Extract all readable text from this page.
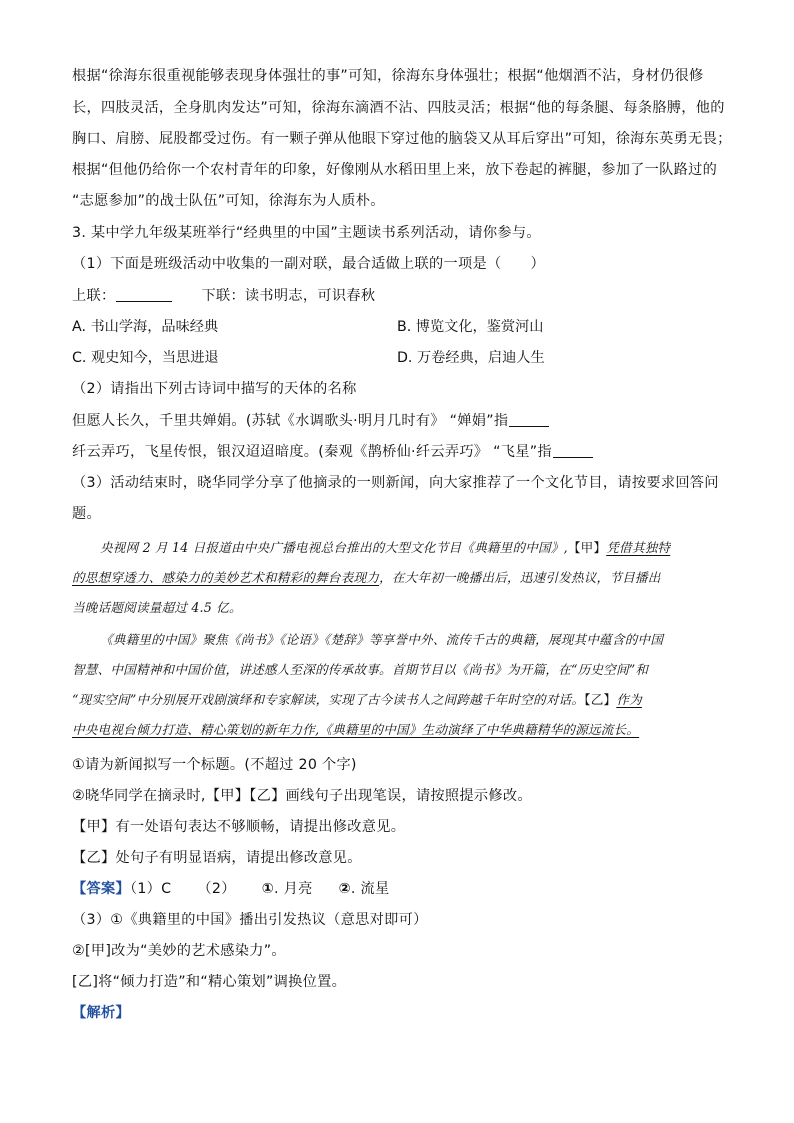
根据“徐海东很重视能够表现身体强壮的事”可知，徐海东身体强壮；根据“他烟酒不沾，身材仍很修
长，四肢灵活，全身肌肉发达”可知，徐海东滴酒不沾、四肢灵活；根据“他的每条腿、每条胳膊，他的
胸口、肩膀、屁股都受过伤。有一颗子弹从他眼下穿过他的脑袋又从耳后穿出”可知，徐海东英勇无畏；
根据“但他仍给你一个农村青年的印象，好像刚从水稻田里上来，放下卷起的裤腿，参加了一队路过的
“志愿参加”的战士队伍”可知，徐海东为人质朴。
3. 某中学九年级某班举行“经典里的中国”主题读书系列活动，请你参与。
（1）下面是班级活动中收集的一副对联，最合适做上联的一项是（　　）
上联：	下联：读书明志，可识春秋
A. 书山学海，品味经典	B. 博览文化，鉴赏河山
C. 观史知今，当思进退	D. 万卷经典，启迪人生
（2）请指出下列古诗词中描写的天体的名称
但愿人长久，千里共婵娟。(苏轼《水调歌头·明月几时有》 “婵娟”指
纤云弄巧，飞星传恨，银汉迢迢暗度。(秦观《鹊桥仙·纤云弄巧》 “飞星”指
（3）活动结束时，晓华同学分享了他摘录的一则新闻，向大家推荐了一个文化节目，请按要求回答问
题。
央视网 2 月 14 日报道由中央广播电视总台推出的大型文化节目《典籍里的中国》,【甲】凭借其独特
的思想穿透力、感染力的美妙艺术和精彩的舞台表现力，在大年初一晚播出后，迅速引发热议，节目播出
当晚话题阅读量超过 4.5 亿。
《典籍里的中国》聚焦《尚书》《论语》《楚辞》等享誉中外、流传千古的典籍，展现其中蕴含的中国
智慧、中国精神和中国价值，讲述感人至深的传承故事。首期节目以《尚书》为开篇，在“历史空间”和
“现实空间”中分别展开戏剧演绎和专家解读，实现了古今读书人之间跨越千年时空的对话。【乙】作为
中央电视台倾力打造、精心策划的新年力作,《典籍里的中国》生动演绎了中华典籍精华的源远流长。
①请为新闻拟写一个标题。(不超过 20 个字)
②晓华同学在摘录时,【甲】【乙】画线句子出现笔误，请按照提示修改。
【甲】有一处语句表达不够顺畅，请提出修改意见。
【乙】处句子有明显语病，请提出修改意见。
【答案】（1）C （2） ①. 月亮 ②. 流星
（3）①《典籍里的中国》播出引发热议（意思对即可）
②[甲]改为“美妙的艺术感染力”。
[乙]将“倾力打造”和“精心策划”调换位置。
【解析】
